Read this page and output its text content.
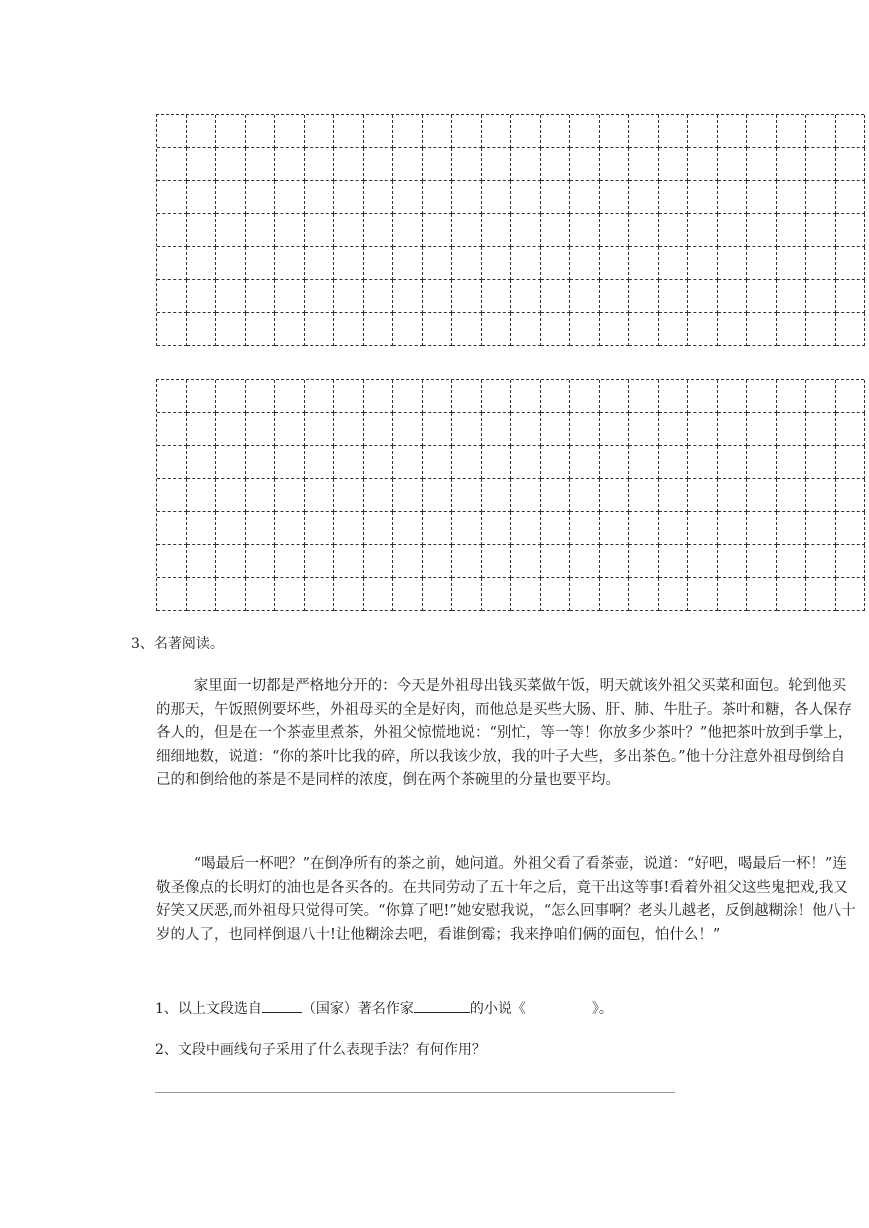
3、名著阅读。
家里面一切都是严格地分开的：今天是外祖母出钱买菜做午饭，明天就该外祖父买菜和面包。轮到他买的那天，午饭照例要坏些，外祖母买的全是好肉，而他总是买些大肠、肝、肺、牛肚子。茶叶和糖，各人保存各人的，但是在一个茶壶里煮茶，外祖父惊慌地说：“别忙，等一等！你放多少茶叶？”他把茶叶放到手掌上，细细地数，说道：“你的茶叶比我的碎，所以我该少放，我的叶子大些，多出茶色。”他十分注意外祖母倒给自己的和倒给他的茶是不是同样的浓度，倒在两个茶碗里的分量也要平均。
“喝最后一杯吧？”在倒净所有的茶之前，她问道。外祖父看了看茶壶，说道：“好吧，喝最后一杯！”连敬圣像点的长明灯的油也是各买各的。在共同劳动了五十年之后，竟干出这等事!看着外祖父这些鬼把戏,我又好笑又厌恶,而外祖母只觉得可笑。“你算了吧!”她安慰我说，“怎么回事啊？老头儿越老，反倒越糊涂！他八十岁的人了，也同样倒退八十!让他糊涂去吧，看谁倒霉；我来挣咱们俩的面包，怕什么！”
1、以上文段选自	（国家）著名作家	的小说《	》。
2、文段中画线句子采用了什么表现手法？有何作用？
